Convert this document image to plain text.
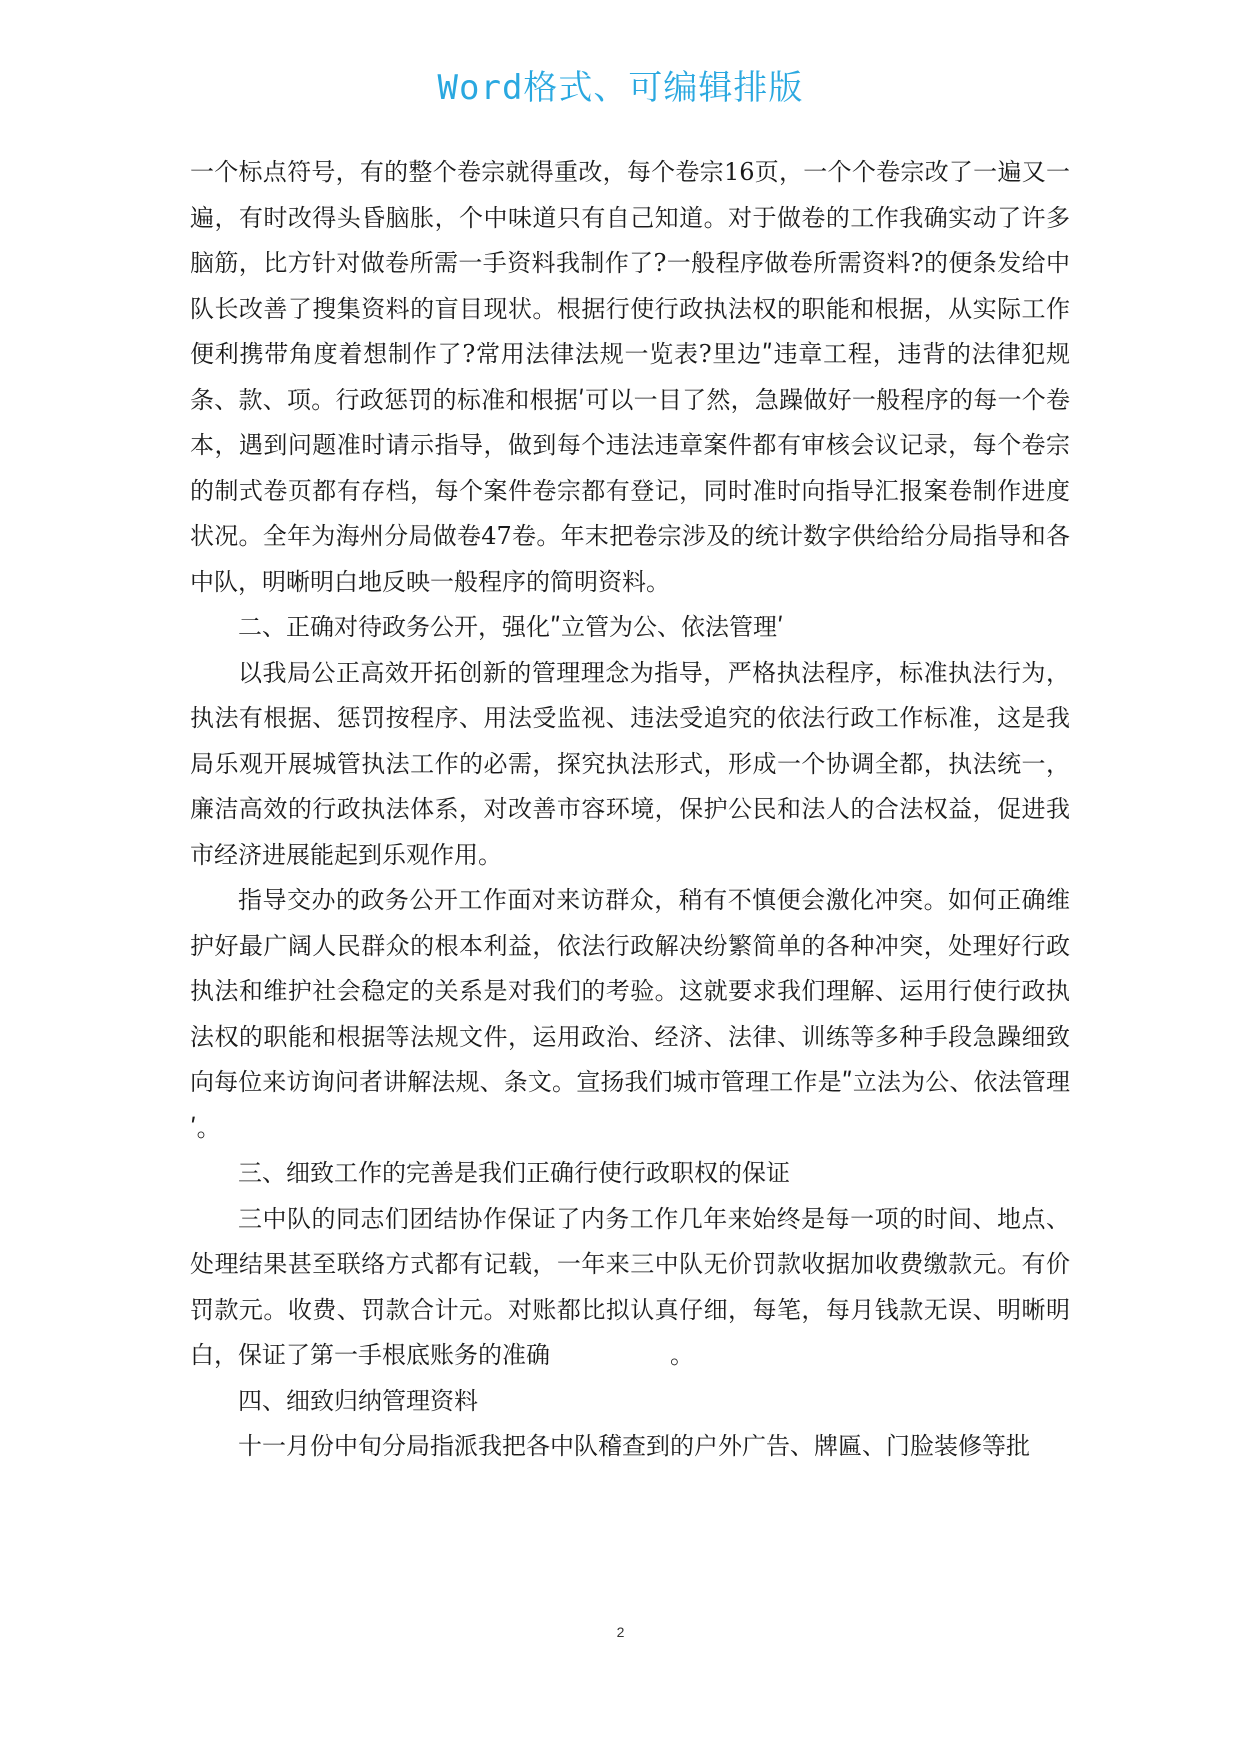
Word格式、可编辑排版

一个标点符号，有的整个卷宗就得重改，每个卷宗16页，一个个卷宗改了一遍又一遍，有时改得头昏脑胀，个中味道只有自己知道。对于做卷的工作我确实动了许多脑筋，比方针对做卷所需一手资料我制作了?一般程序做卷所需资料?的便条发给中队长改善了搜集资料的盲目现状。根据行使行政执法权的职能和根据，从实际工作便利携带角度着想制作了?常用法律法规一览表?里边ʺ违章工程，违背的法律犯规条、款、项。行政惩罚的标准和根据ʹ可以一目了然，急躁做好一般程序的每一个卷本，遇到问题准时请示指导，做到每个违法违章案件都有审核会议记录，每个卷宗的制式卷页都有存档，每个案件卷宗都有登记，同时准时向指导汇报案卷制作进度状况。全年为海州分局做卷47卷。年末把卷宗涉及的统计数字供给给分局指导和各中队，明晰明白地反映一般程序的简明资料。

二、正确对待政务公开，强化ʺ立管为公、依法管理ʹ

以我局公正高效开拓创新的管理理念为指导，严格执法程序，标准执法行为，执法有根据、惩罚按程序、用法受监视、违法受追究的依法行政工作标准，这是我局乐观开展城管执法工作的必需，探究执法形式，形成一个协调全都，执法统一，廉洁高效的行政执法体系，对改善市容环境，保护公民和法人的合法权益，促进我市经济进展能起到乐观作用。

指导交办的政务公开工作面对来访群众，稍有不慎便会激化冲突。如何正确维护好最广阔人民群众的根本利益，依法行政解决纷繁简单的各种冲突，处理好行政执法和维护社会稳定的关系是对我们的考验。这就要求我们理解、运用行使行政执法权的职能和根据等法规文件，运用政治、经济、法律、训练等多种手段急躁细致向每位来访询问者讲解法规、条文。宣扬我们城市管理工作是ʺ立法为公、依法管理ʹ。

三、细致工作的完善是我们正确行使行政职权的保证

三中队的同志们团结协作保证了内务工作几年来始终是每一项的时间、地点、处理结果甚至联络方式都有记载，一年来三中队无价罚款收据加收费缴款元。有价罚款元。收费、罚款合计元。对账都比拟认真仔细，每笔，每月钱款无误、明晰明白，保证了第一手根底账务的准确	。

四、细致归纳管理资料

十一月份中旬分局指派我把各中队稽查到的户外广告、牌匾、门脸装修等批

2
